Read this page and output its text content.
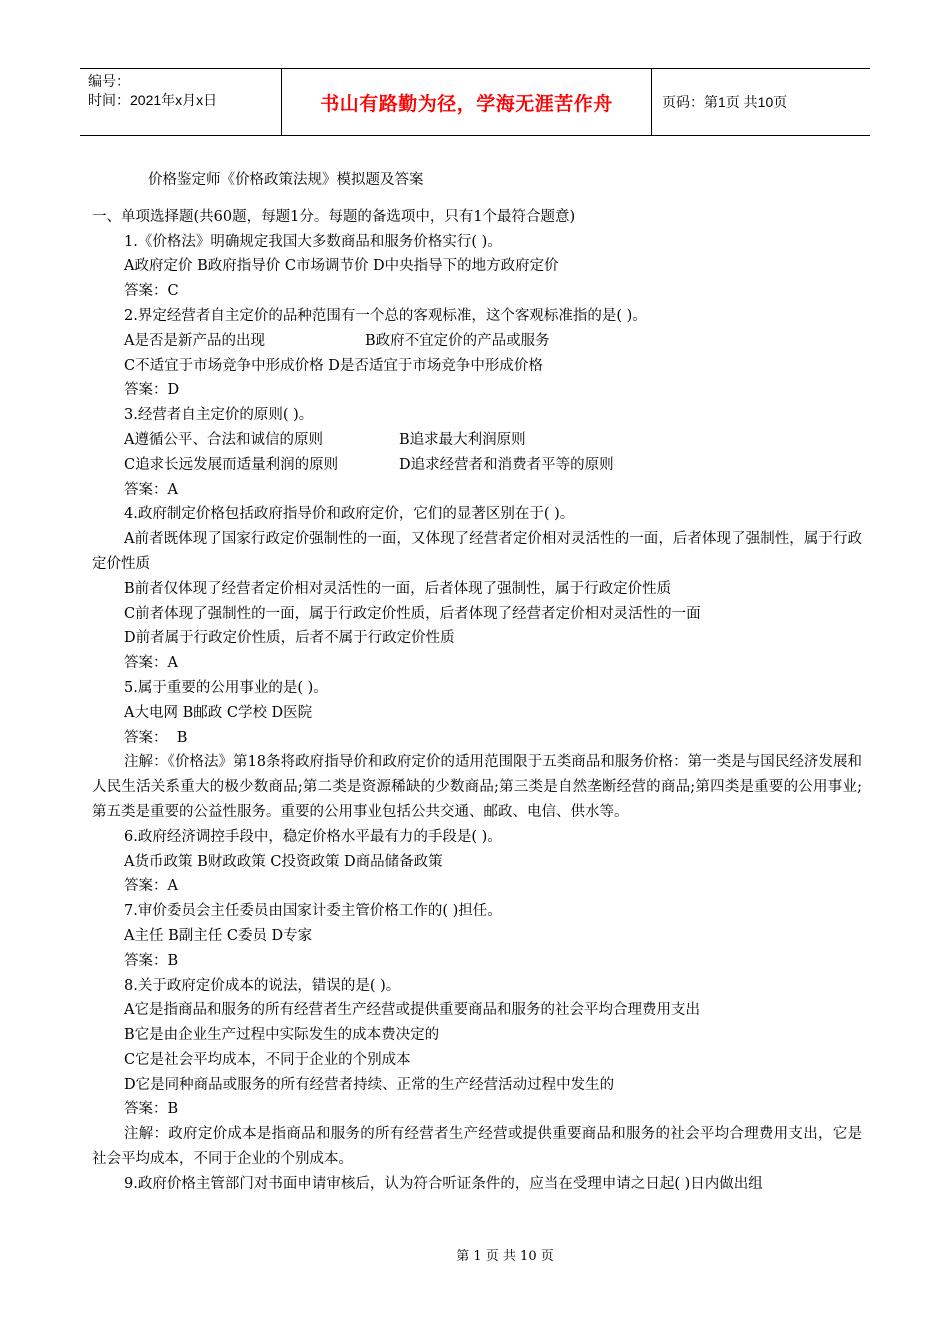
编号：
时间：2021年x月x日	书山有路勤为径，学海无涯苦作舟	页码：第1页 共10页

价格鉴定师《价格政策法规》模拟题及答案

一、单项选择题(共60题，每题1分。每题的备选项中，只有1个最符合题意)

1.《价格法》明确规定我国大多数商品和服务价格实行( )。

A政府定价 B政府指导价 C市场调节价 D中央指导下的地方政府定价

答案：C

2.界定经营者自主定价的品种范围有一个总的客观标准，这个客观标准指的是( )。

A是否是新产品的出现	B政府不宜定价的产品或服务

C不适宜于市场竞争中形成价格 D是否适宜于市场竞争中形成价格

答案：D

3.经营者自主定价的原则( )。

A遵循公平、合法和诚信的原则	B追求最大利润原则

C追求长远发展而适量利润的原则	D追求经营者和消费者平等的原则

答案：A

4.政府制定价格包括政府指导价和政府定价，它们的显著区别在于( )。

A前者既体现了国家行政定价强制性的一面，又体现了经营者定价相对灵活性的一面，后者体现了强制性，属于行政定价性质

B前者仅体现了经营者定价相对灵活性的一面，后者体现了强制性，属于行政定价性质

C前者体现了强制性的一面，属于行政定价性质，后者体现了经营者定价相对灵活性的一面

D前者属于行政定价性质，后者不属于行政定价性质

答案：A

5.属于重要的公用事业的是( )。

A大电网 B邮政 C学校 D医院

答案：  B

注解：《价格法》第18条将政府指导价和政府定价的适用范围限于五类商品和服务价格：第一类是与国民经济发展和人民生活关系重大的极少数商品;第二类是资源稀缺的少数商品;第三类是自然垄断经营的商品;第四类是重要的公用事业;第五类是重要的公益性服务。重要的公用事业包括公共交通、邮政、电信、供水等。

6.政府经济调控手段中，稳定价格水平最有力的手段是( )。

A货币政策 B财政政策 C投资政策 D商品储备政策

答案：A

7.审价委员会主任委员由国家计委主管价格工作的( )担任。

A主任 B副主任 C委员 D专家

答案：B

8.关于政府定价成本的说法，错误的是( )。

A它是指商品和服务的所有经营者生产经营或提供重要商品和服务的社会平均合理费用支出

B它是由企业生产过程中实际发生的成本费决定的

C它是社会平均成本，不同于企业的个别成本

D它是同种商品或服务的所有经营者持续、正常的生产经营活动过程中发生的

答案：B

注解：政府定价成本是指商品和服务的所有经营者生产经营或提供重要商品和服务的社会平均合理费用支出，它是社会平均成本，不同于企业的个别成本。

9.政府价格主管部门对书面申请审核后，认为符合听证条件的，应当在受理申请之日起( )日内做出组

第 1 页 共 10 页
